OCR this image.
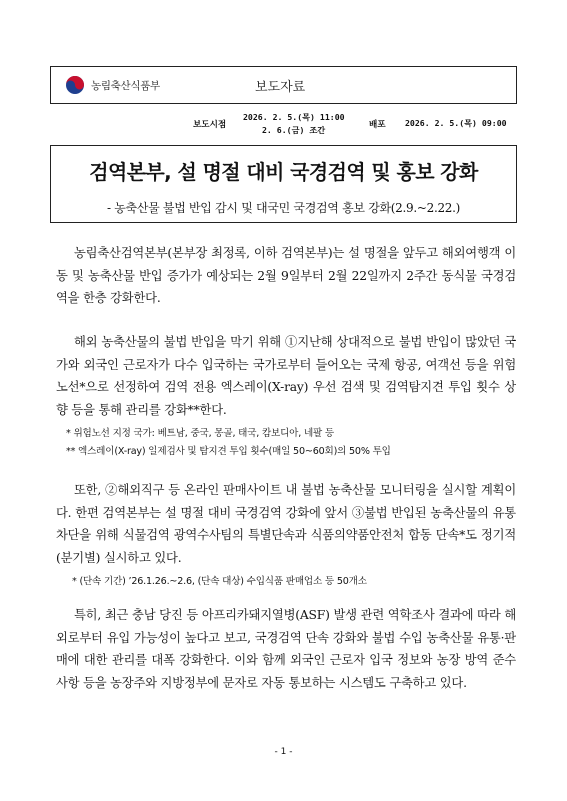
농림축산식품부	보도자료
보도시점
2026. 2. 5.(목) 11:00
2. 6.(금) 조간	배포 2026. 2. 5.(목) 09:00
검역본부, 설 명절 대비 국경검역 및 홍보 강화
- 농축산물 불법 반입 감시 및 대국민 국경검역 홍보 강화(2.9.~2.22.)
농림축산검역본부(본부장 최정록, 이하 검역본부)는 설 명절을 앞두고 해외여행객 이동 및 농축산물 반입 증가가 예상되는 2월 9일부터 2월 22일까지 2주간 동식물 국경검역을 한층 강화한다.
해외 농축산물의 불법 반입을 막기 위해 ①지난해 상대적으로 불법 반입이 많았던 국가와 외국인 근로자가 다수 입국하는 국가로부터 들어오는 국제 항공, 여객선 등을 위험노선*으로 선정하여 검역 전용 엑스레이(X-ray) 우선 검색 및 검역탐지견 투입 횟수 상향 등을 통해 관리를 강화**한다.
* 위험노선 지정 국가: 베트남, 중국, 몽골, 태국, 캄보디아, 네팔 등
** 엑스레이(X-ray) 일제검사 및 탐지견 투입 횟수(매일 50~60회)의 50% 투입
또한, ②해외직구 등 온라인 판매사이트 내 불법 농축산물 모니터링을 실시할 계획이다. 한편 검역본부는 설 명절 대비 국경검역 강화에 앞서 ③불법 반입된 농축산물의 유통 차단을 위해 식물검역 광역수사팀의 특별단속과 식품의약품안전처 합동 단속*도 정기적(분기별) 실시하고 있다.
* (단속 기간) ’26.1.26.~2.6, (단속 대상) 수입식품 판매업소 등 50개소
특히, 최근 충남 당진 등 아프리카돼지열병(ASF) 발생 관련 역학조사 결과에 따라 해외로부터 유입 가능성이 높다고 보고, 국경검역 단속 강화와 불법 수입 농축산물 유통·판매에 대한 관리를 대폭 강화한다. 이와 함께 외국인 근로자 입국 정보와 농장 방역 준수 사항 등을 농장주와 지방정부에 문자로 자동 통보하는 시스템도 구축하고 있다.
- 1 -
